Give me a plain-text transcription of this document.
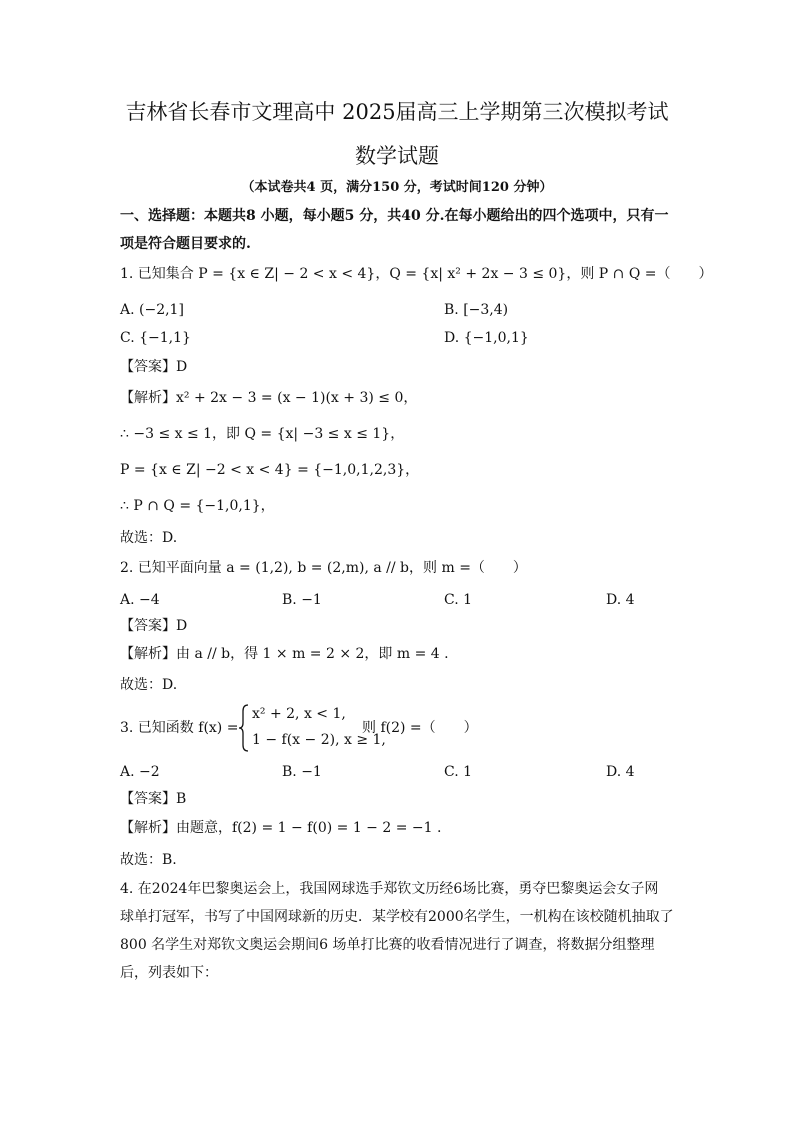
吉林省长春市文理高中 2025届高三上学期第三次模拟考试
数学试题
（本试卷共4 页，满分150 分，考试时间120 分钟）
一、选择题：本题共8 小题，每小题5 分，共40 分.在每小题给出的四个选项中，只有一
项是符合题目要求的.
1. 已知集合 P = {x ∈ Z| − 2 < x < 4}，Q = {x| x² + 2x − 3 ≤ 0}，则 P ∩ Q =（　　）
A. (−2,1]	B. [−3,4)
C. {−1,1}	D. {−1,0,1}
【答案】D
【解析】x² + 2x − 3 = (x − 1)(x + 3) ≤ 0，
∴ −3 ≤ x ≤ 1，即 Q = {x| −3 ≤ x ≤ 1}，
P = {x ∈ Z| −2 < x < 4} = {−1,0,1,2,3}，
∴ P ∩ Q = {−1,0,1}，
故选：D.
2. 已知平面向量 a = (1,2), b = (2,m), a // b，则 m =（　　）
A. −4	B. −1	C. 1	D. 4
【答案】D
【解析】由 a // b，得 1 × m = 2 × 2，即 m = 4 .
故选：D.
3. 已知函数 f(x) =
x² + 2, x < 1,
1 − f(x − 2), x ≥ 1,
则 f(2) =（　　）
A. −2	B. −1	C. 1	D. 4
【答案】B
【解析】由题意，f(2) = 1 − f(0) = 1 − 2 = −1 .
故选：B.
4. 在2024年巴黎奥运会上，我国网球选手郑钦文历经6场比赛，勇夺巴黎奥运会女子网
球单打冠军，书写了中国网球新的历史．某学校有2000名学生，一机构在该校随机抽取了
800 名学生对郑钦文奥运会期间6 场单打比赛的收看情况进行了调查，将数据分组整理
后，列表如下：
